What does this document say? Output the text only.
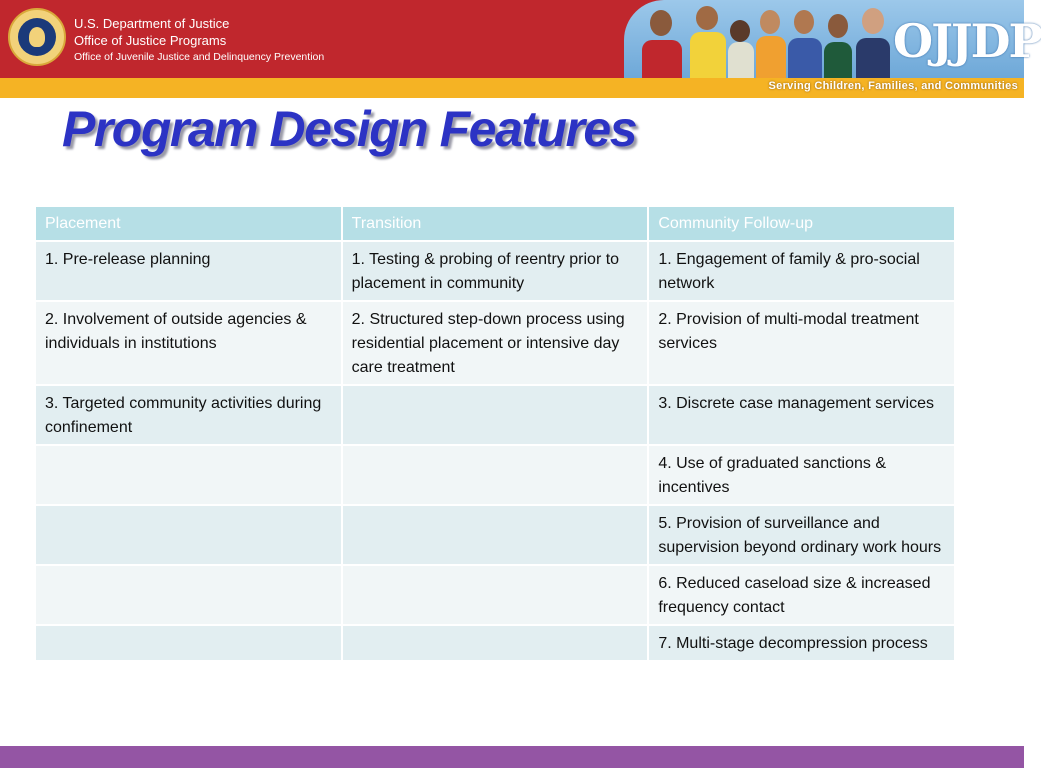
U.S. Department of Justice
Office of Justice Programs
Office of Juvenile Justice and Delinquency Prevention	OJJDP
Serving Children, Families, and Communities
Program Design Features
Placement	Transition	Community Follow-up
1. Pre-release planning	1. Testing & probing of reentry prior to placement in community	1. Engagement of family & pro-social network
2. Involvement of outside agencies & individuals in institutions	2. Structured step-down process using residential placement or intensive day care treatment	2. Provision of multi-modal treatment services
3. Targeted community activities during confinement		3. Discrete case management services
		4. Use of graduated sanctions & incentives
		5. Provision of surveillance and supervision beyond ordinary work hours
		6. Reduced caseload size & increased frequency contact
		7. Multi-stage decompression process
